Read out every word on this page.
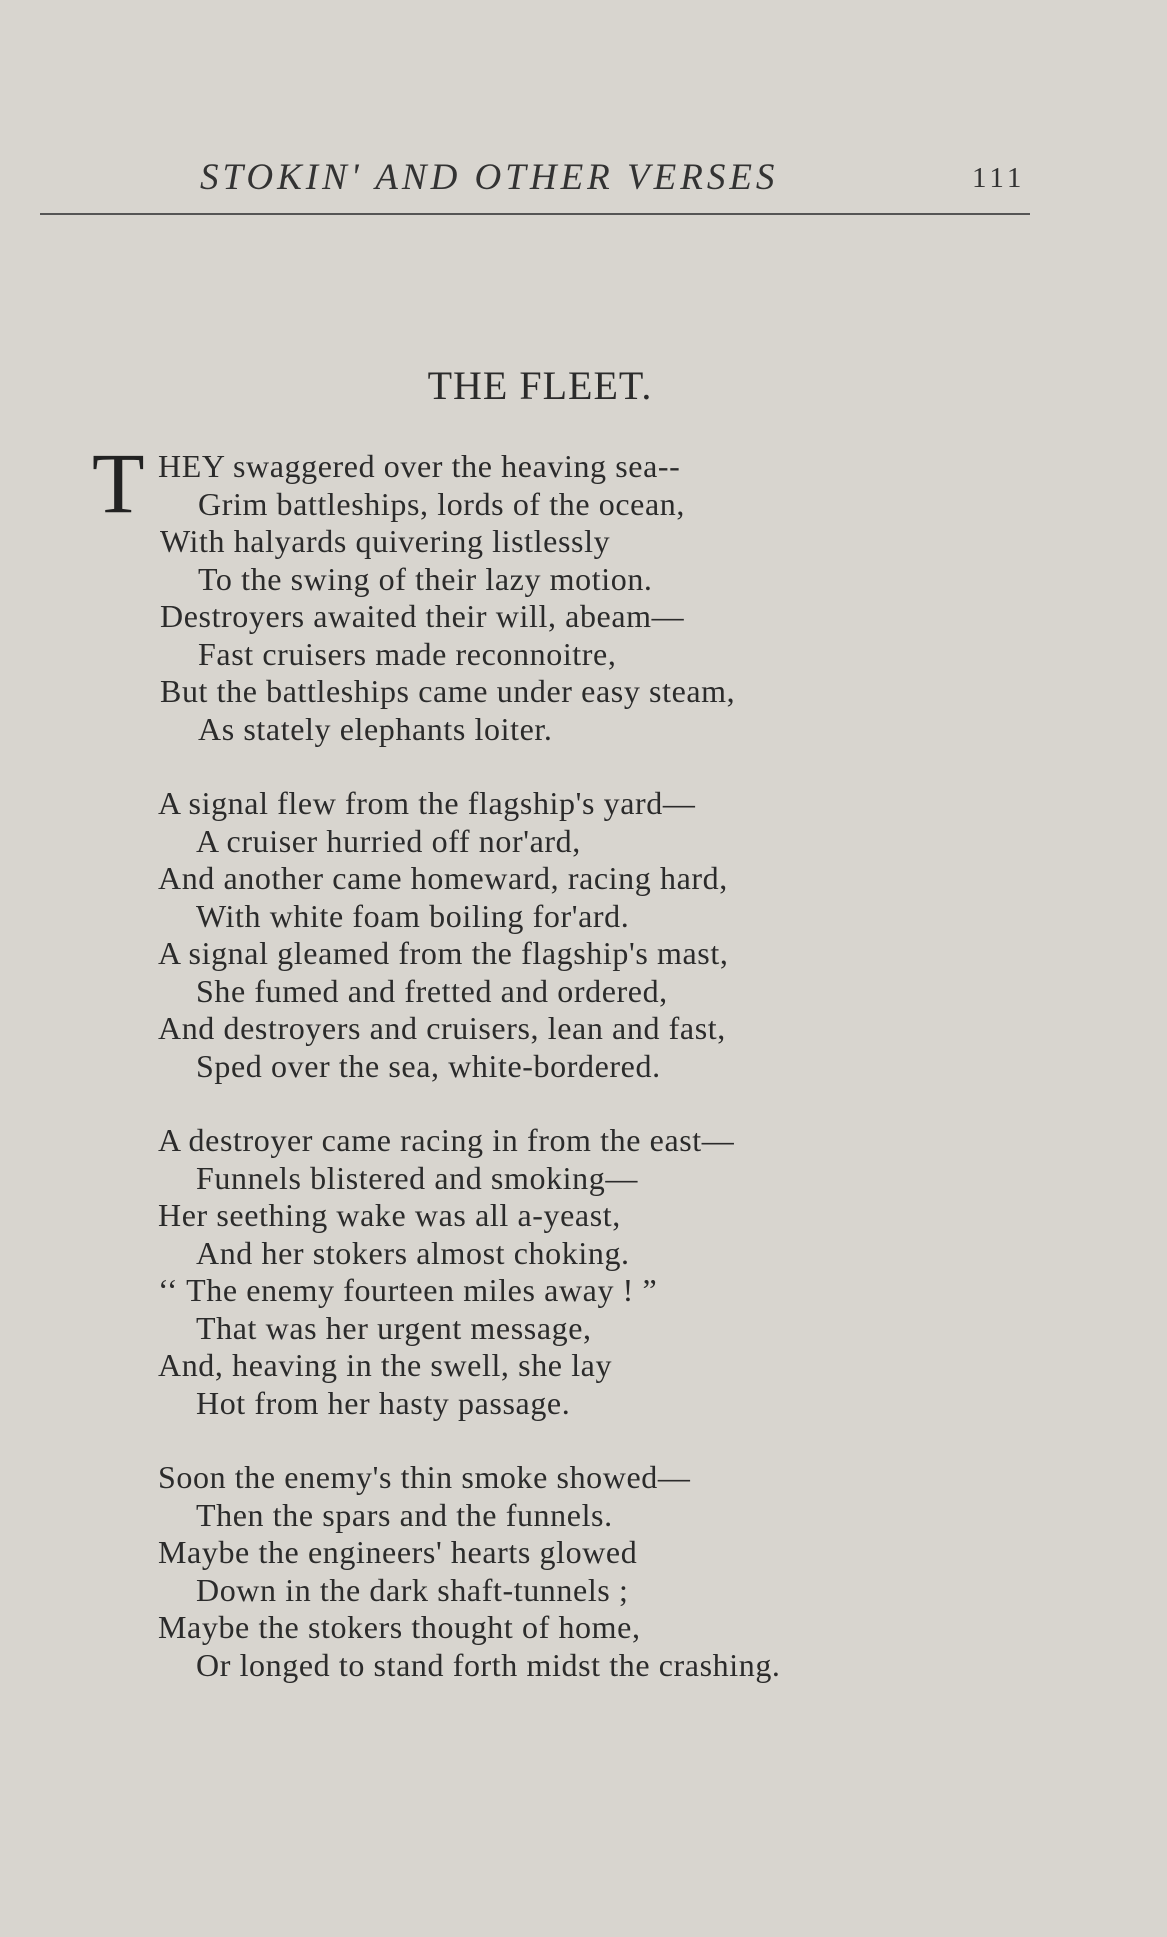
STOKIN' AND OTHER VERSES	111
THE FLEET.
T HEY swaggered over the heaving sea--
Grim battleships, lords of the ocean,
With halyards quivering listlessly
To the swing of their lazy motion.
Destroyers awaited their will, abeam—
Fast cruisers made reconnoitre,
But the battleships came under easy steam,
As stately elephants loiter.
A signal flew from the flagship's yard—
A cruiser hurried off nor'ard,
And another came homeward, racing hard,
With white foam boiling for'ard.
A signal gleamed from the flagship's mast,
She fumed and fretted and ordered,
And destroyers and cruisers, lean and fast,
Sped over the sea, white-bordered.
A destroyer came racing in from the east—
Funnels blistered and smoking—
Her seething wake was all a-yeast,
And her stokers almost choking.
‘‘ The enemy fourteen miles away ! ”
That was her urgent message,
And, heaving in the swell, she lay
Hot from her hasty passage.
Soon the enemy's thin smoke showed—
Then the spars and the funnels.
Maybe the engineers' hearts glowed
Down in the dark shaft-tunnels ;
Maybe the stokers thought of home,
Or longed to stand forth midst the crashing.
